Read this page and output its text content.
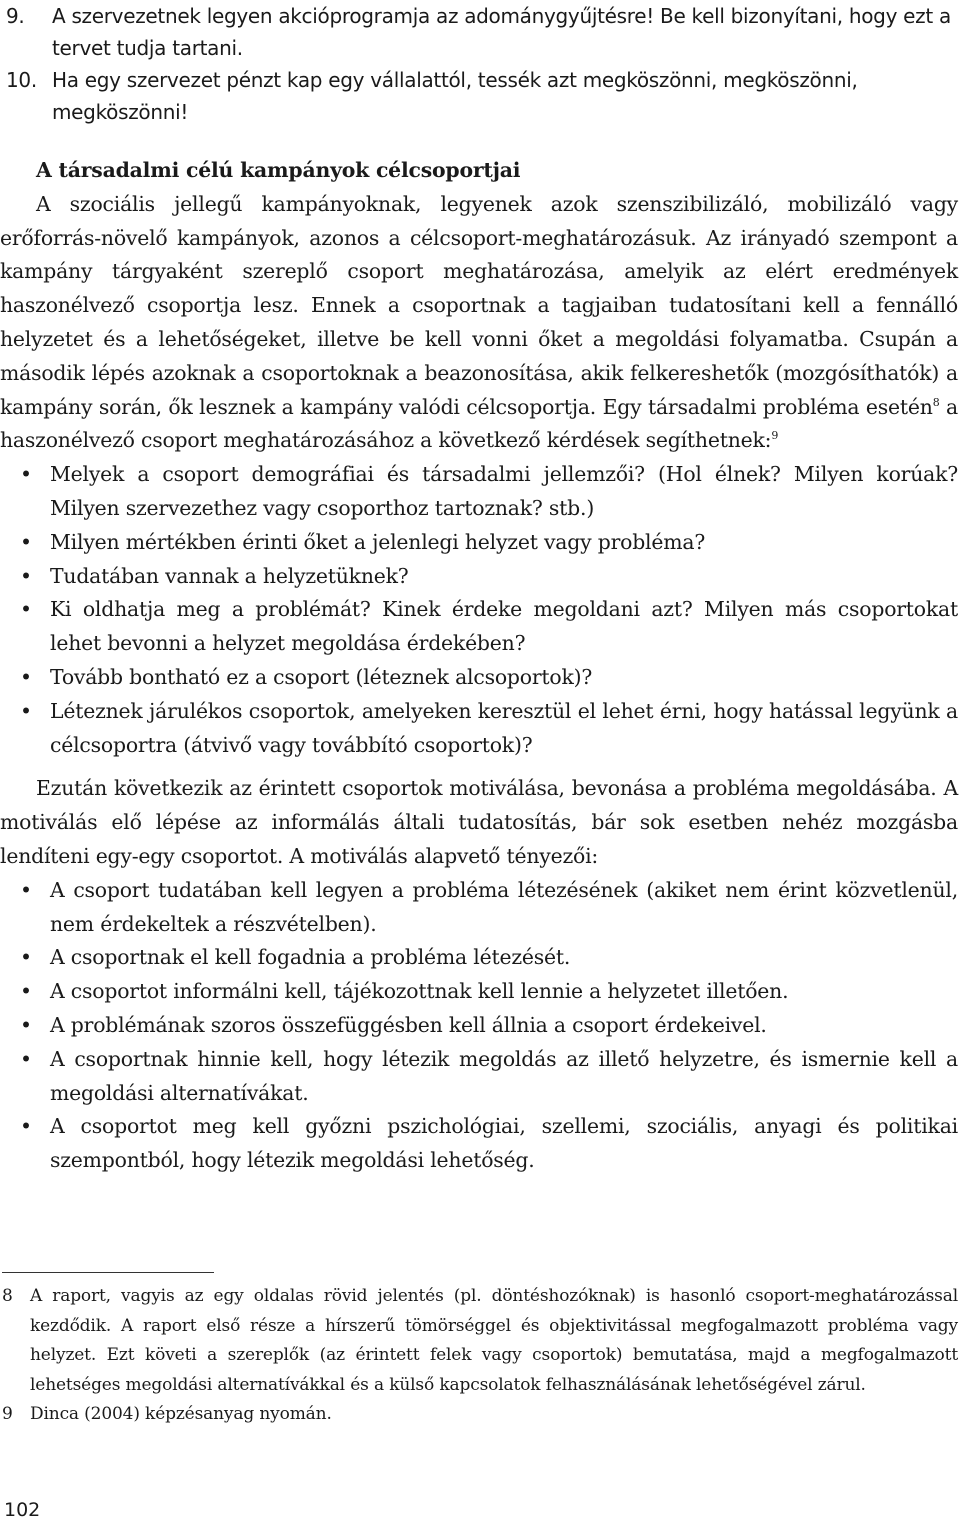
9.	A szervezetnek legyen akcióprogramja az adománygyűjtésre! Be kell bizonyítani, hogy ezt a tervet tudja tartani.
10. Ha egy szervezet pénzt kap egy vállalattól, tessék azt megköszönni, megköszönni, megköszönni!
A társadalmi célú kampányok célcsoportjai

A szociális jellegű kampányoknak, legyenek azok szenszibilizáló, mobilizáló vagy erőforrás-növelő kampányok, azonos a célcsoport-meghatározásuk. Az irányadó szempont a kampány tárgyaként szereplő csoport meghatározása, amelyik az elért eredmények haszonélvező csoportja lesz. Ennek a csoportnak a tagjaiban tudatosítani kell a fennálló helyzetet és a lehetőségeket, illetve be kell vonni őket a megoldási folyamatba. Csupán a második lépés azoknak a csoportoknak a beazonosítása, akik felkereshetők (mozgósíthatók) a kampány során, ők lesznek a kampány valódi célcsoportja. Egy társadalmi probléma esetén$^8$ a haszonélvező csoport meghatározásához a következő kérdések segíthetnek:$^9$

• Melyek a csoport demográfiai és társadalmi jellemzői? (Hol élnek? Milyen korúak? Milyen szervezethez vagy csoporthoz tartoznak? stb.)
• Milyen mértékben érinti őket a jelenlegi helyzet vagy probléma?
• Tudatában vannak a helyzetüknek?
• Ki oldhatja meg a problémát? Kinek érdeke megoldani azt? Milyen más csoportokat lehet bevonni a helyzet megoldása érdekében?
• Tovább bontható ez a csoport (léteznek alcsoportok)?
• Léteznek járulékos csoportok, amelyeken keresztül el lehet érni, hogy hatással legyünk a célcsoportra (átvivő vagy továbbító csoportok)?

Ezután következik az érintett csoportok motiválása, bevonása a probléma megoldásába. A motiválás elő lépése az informálás általi tudatosítás, bár sok esetben nehéz mozgásba lendíteni egy-egy csoportot. A motiválás alapvető tényezői:

• A csoport tudatában kell legyen a probléma létezésének (akiket nem érint közvetlenül, nem érdekeltek a részvételben).
• A csoportnak el kell fogadnia a probléma létezését.
• A csoportot informálni kell, tájékozottnak kell lennie a helyzetet illetően.
• A problémának szoros összefüggésben kell állnia a csoport érdekeivel.
• A csoportnak hinnie kell, hogy létezik megoldás az illető helyzetre, és ismernie kell a megoldási alternatívákat.
• A csoportot meg kell győzni pszichológiai, szellemi, szociális, anyagi és politikai szempontból, hogy létezik megoldási lehetőség.
8	A raport, vagyis az egy oldalas rövid jelentés (pl. döntéshozóknak) is hasonló csoport-meghatározással kezdődik. A raport első része a hírszerű tömörséggel és objektivitással megfogalmazott probléma vagy helyzet. Ezt követi a szereplők (az érintett felek vagy csoportok) bemutatása, majd a megfogalmazott lehetséges megoldási alternatívákkal és a külső kapcsolatok felhasználásának lehetőségével zárul.
9	Dinca (2004) képzésanyag nyomán.
102
